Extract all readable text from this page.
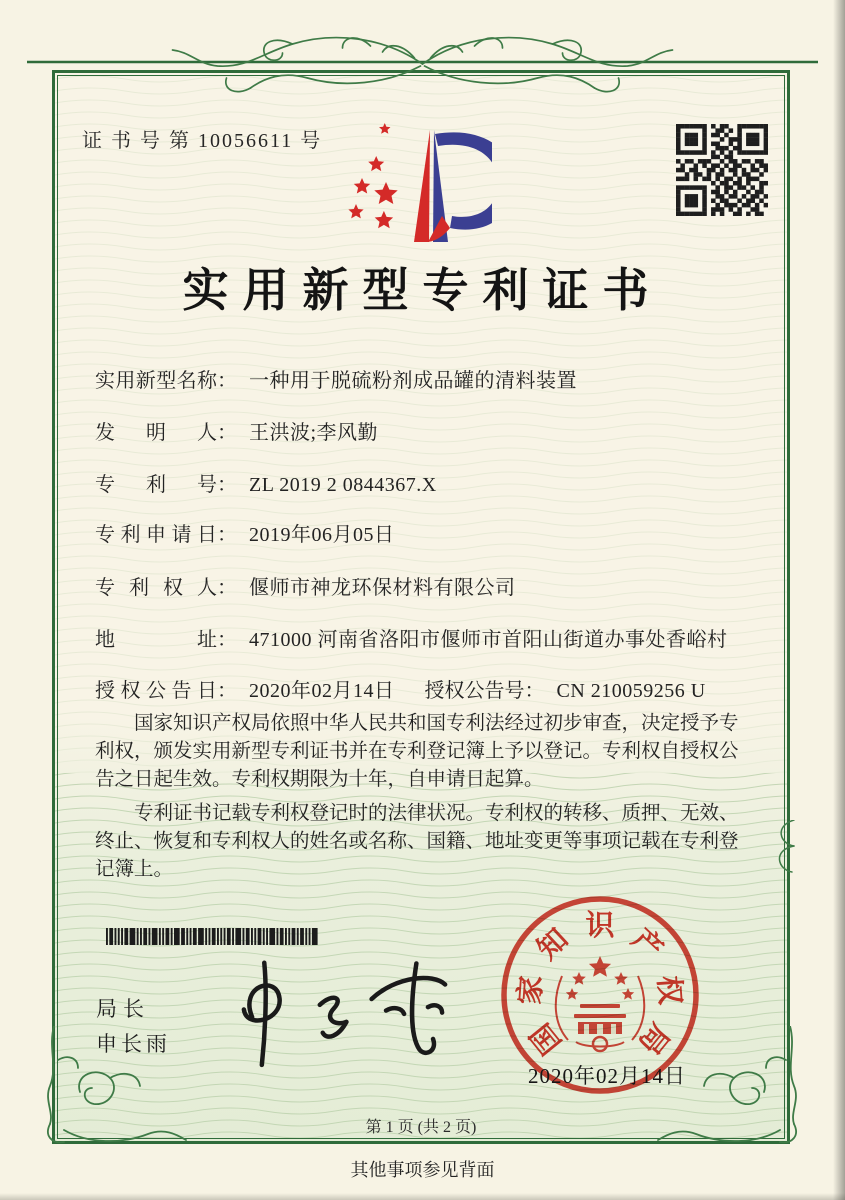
证 书 号 第 10056611 号
实用新型专利证书
实用新型名称： 一种用于脱硫粉剂成品罐的清料装置
发明人： 王洪波;李风勤
专利号： ZL 2019 2 0844367.X
专利申请日： 2019年06月05日
专利权人： 偃师市神龙环保材料有限公司
地址： 471000 河南省洛阳市偃师市首阳山街道办事处香峪村
授权公告日： 2020年02月14日 授权公告号： CN 210059256 U

国家知识产权局依照中华人民共和国专利法经过初步审查，决定授予专利权，颁发实用新型专利证书并在专利登记簿上予以登记。专利权自授权公告之日起生效。专利权期限为十年，自申请日起算。

专利证书记载专利权登记时的法律状况。专利权的转移、质押、无效、终止、恢复和专利权人的姓名或名称、国籍、地址变更等事项记载在专利登记簿上。

局长
申长雨	国
家
知 识 产
权
局
2020年02月14日
第 1 页 (共 2 页)
其他事项参见背面
